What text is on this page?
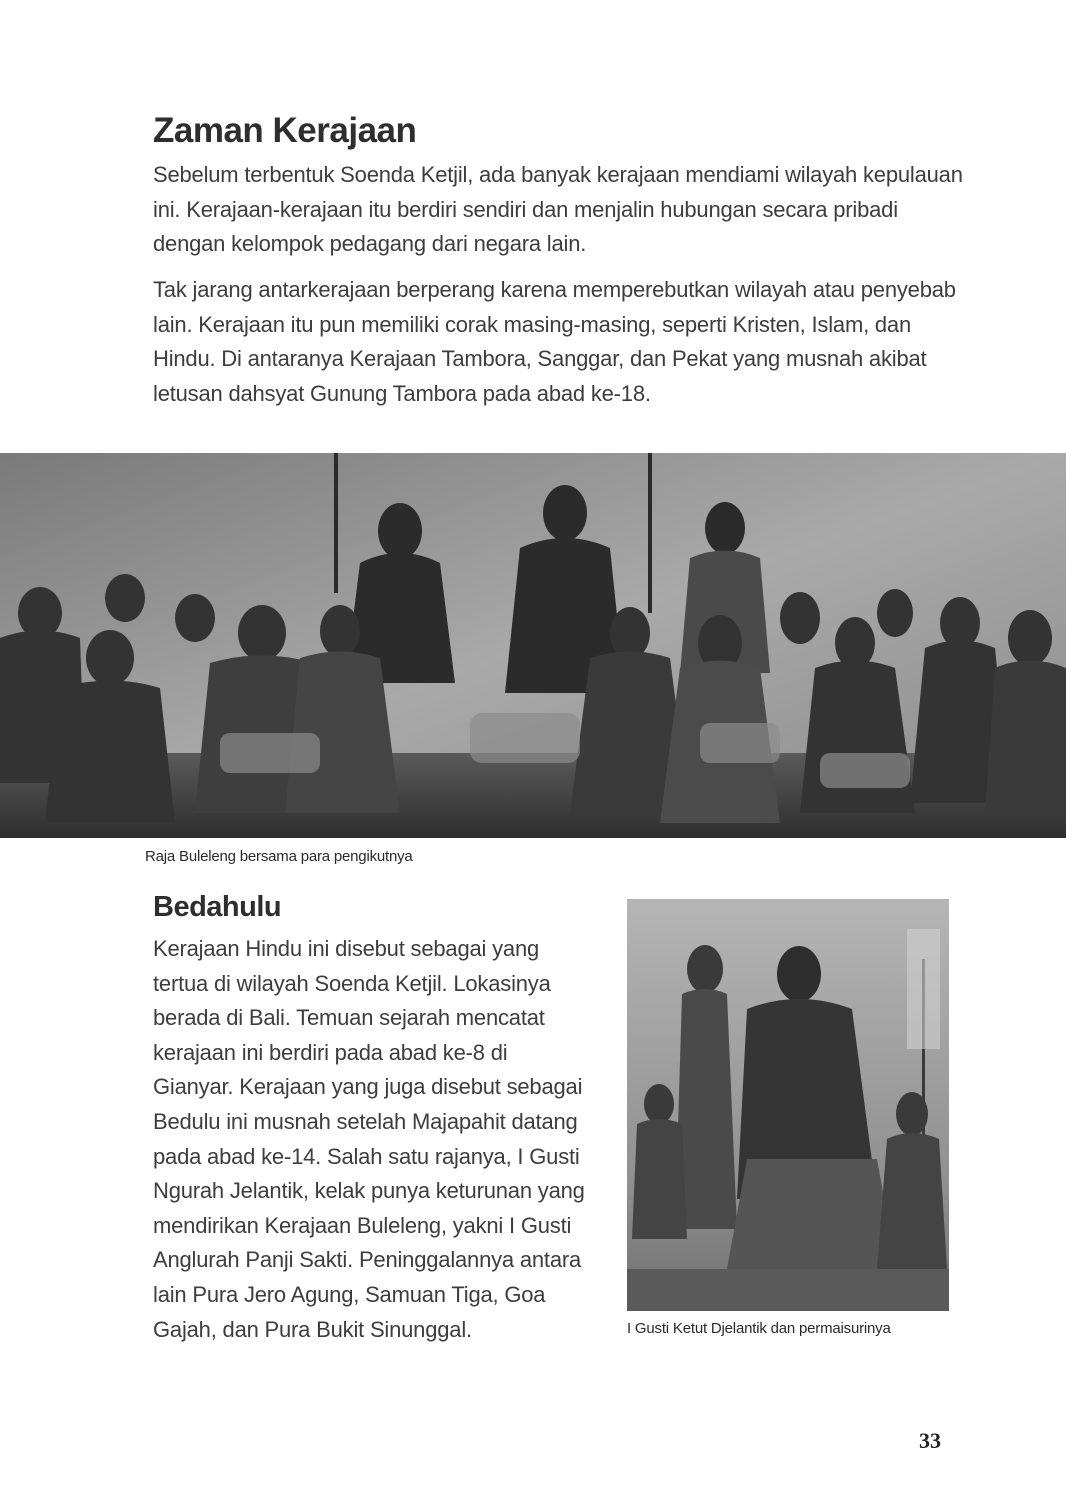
Zaman Kerajaan

Sebelum terbentuk Soenda Ketjil, ada banyak kerajaan mendiami wilayah kepulauan ini. Kerajaan-kerajaan itu berdiri sendiri dan menjalin hubungan secara pribadi dengan kelompok pedagang dari negara lain.

Tak jarang antarkerajaan berperang karena memperebutkan wilayah atau penyebab lain. Kerajaan itu pun memiliki corak masing-masing, seperti Kristen, Islam, dan Hindu. Di antaranya Kerajaan Tambora, Sanggar, dan Pekat yang musnah akibat letusan dahsyat Gunung Tambora pada abad ke-18.

Raja Buleleng bersama para pengikutnya

Bedahulu

Kerajaan Hindu ini disebut sebagai yang tertua di wilayah Soenda Ketjil. Lokasinya berada di Bali. Temuan sejarah mencatat kerajaan ini berdiri pada abad ke-8 di Gianyar. Kerajaan yang juga disebut sebagai Bedulu ini musnah setelah Majapahit datang pada abad ke-14. Salah satu rajanya, I Gusti Ngurah Jelantik, kelak punya keturunan yang mendirikan Kerajaan Buleleng, yakni I Gusti Anglurah Panji Sakti. Peninggalannya antara lain Pura Jero Agung, Samuan Tiga, Goa Gajah, dan Pura Bukit Sinunggal.	I Gusti Ketut Djelantik dan permaisurinya

33
